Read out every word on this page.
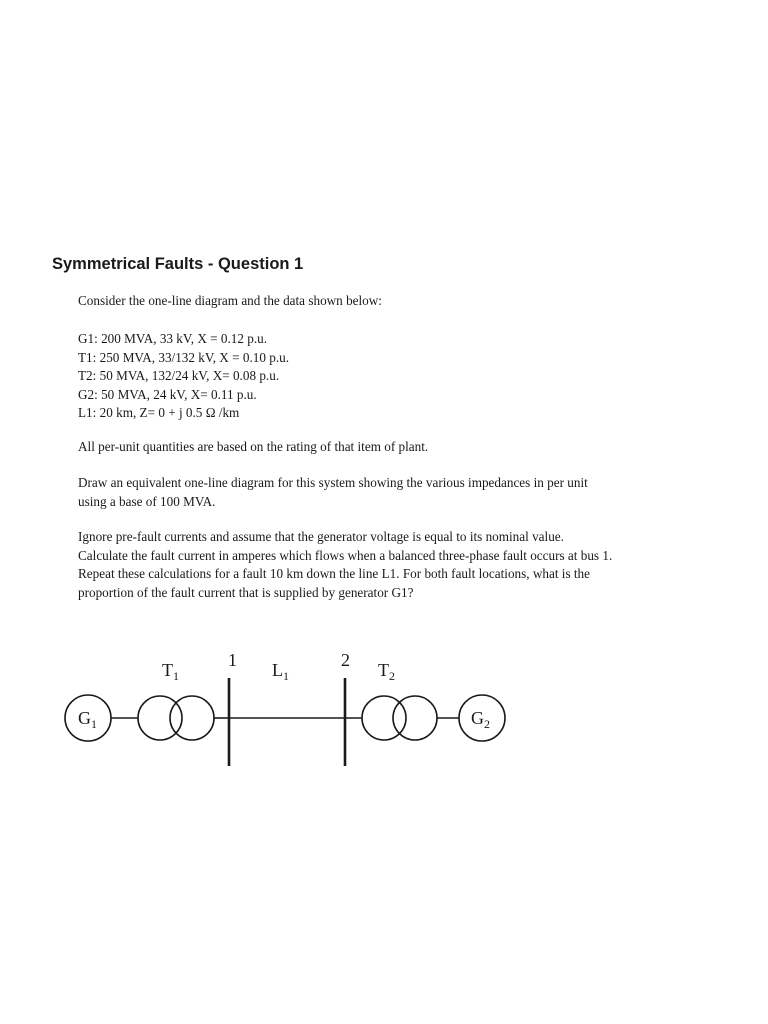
Symmetrical Faults - Question 1

Consider the one-line diagram and the data shown below:

G1: 200 MVA, 33 kV, X = 0.12 p.u.
T1: 250 MVA, 33/132 kV, X = 0.10 p.u.
T2: 50 MVA, 132/24 kV, X= 0.08 p.u.
G2: 50 MVA, 24 kV, X= 0.11 p.u.
L1: 20 km, Z= 0 + j 0.5 Ω /km

All per-unit quantities are based on the rating of that item of plant.

Draw an equivalent one-line diagram for this system showing the various impedances in per unit
using a base of 100 MVA.
Ignore pre-fault currents and assume that the generator voltage is equal to its nominal value.
Calculate the fault current in amperes which flows when a balanced three-phase fault occurs at bus 1.
Repeat these calculations for a fault 10 km down the line L1. For both fault locations, what is the
proportion of the fault current that is supplied by generator G1?
$G_1$
$T_1$
1 $L_1$
2 $T_2$
$G_2$
